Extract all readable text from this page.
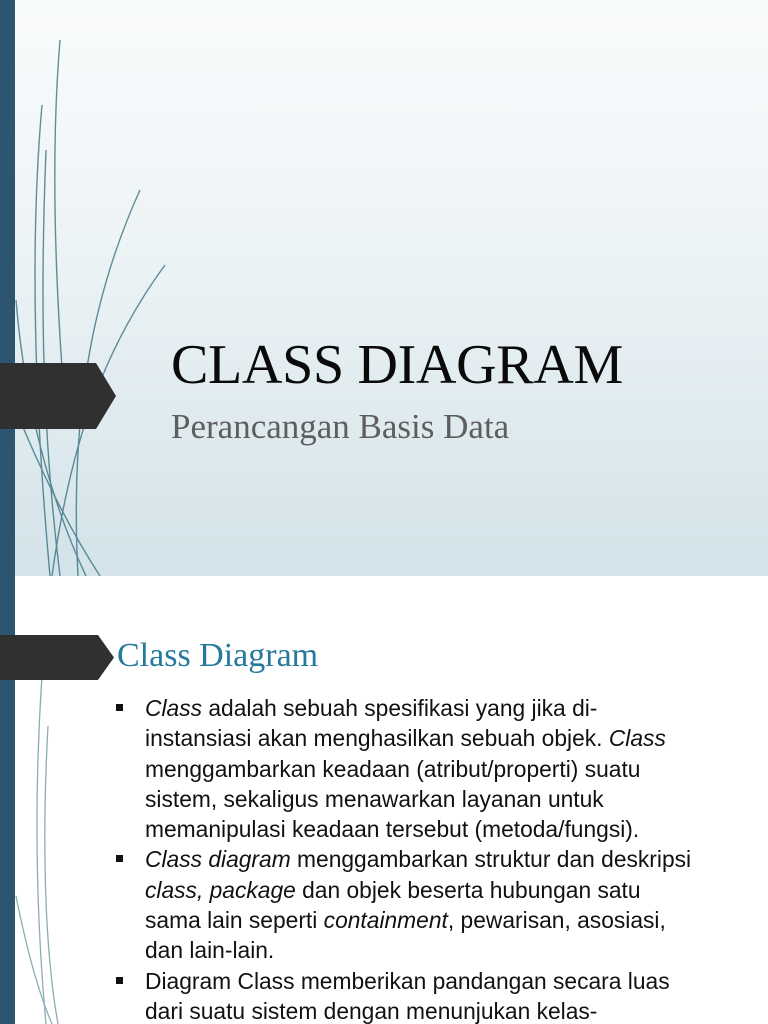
CLASS DIAGRAM
Perancangan Basis Data
Class Diagram
Class adalah sebuah spesifikasi yang jika di-
instansiasi akan menghasilkan sebuah objek. Class
menggambarkan keadaan (atribut/properti) suatu
sistem, sekaligus menawarkan layanan untuk
memanipulasi keadaan tersebut (metoda/fungsi).
Class diagram menggambarkan struktur dan deskripsi
class, package dan objek beserta hubungan satu
sama lain seperti containment, pewarisan, asosiasi,
dan lain-lain.
Diagram Class memberikan pandangan secara luas
dari suatu sistem dengan menunjukan kelas-
